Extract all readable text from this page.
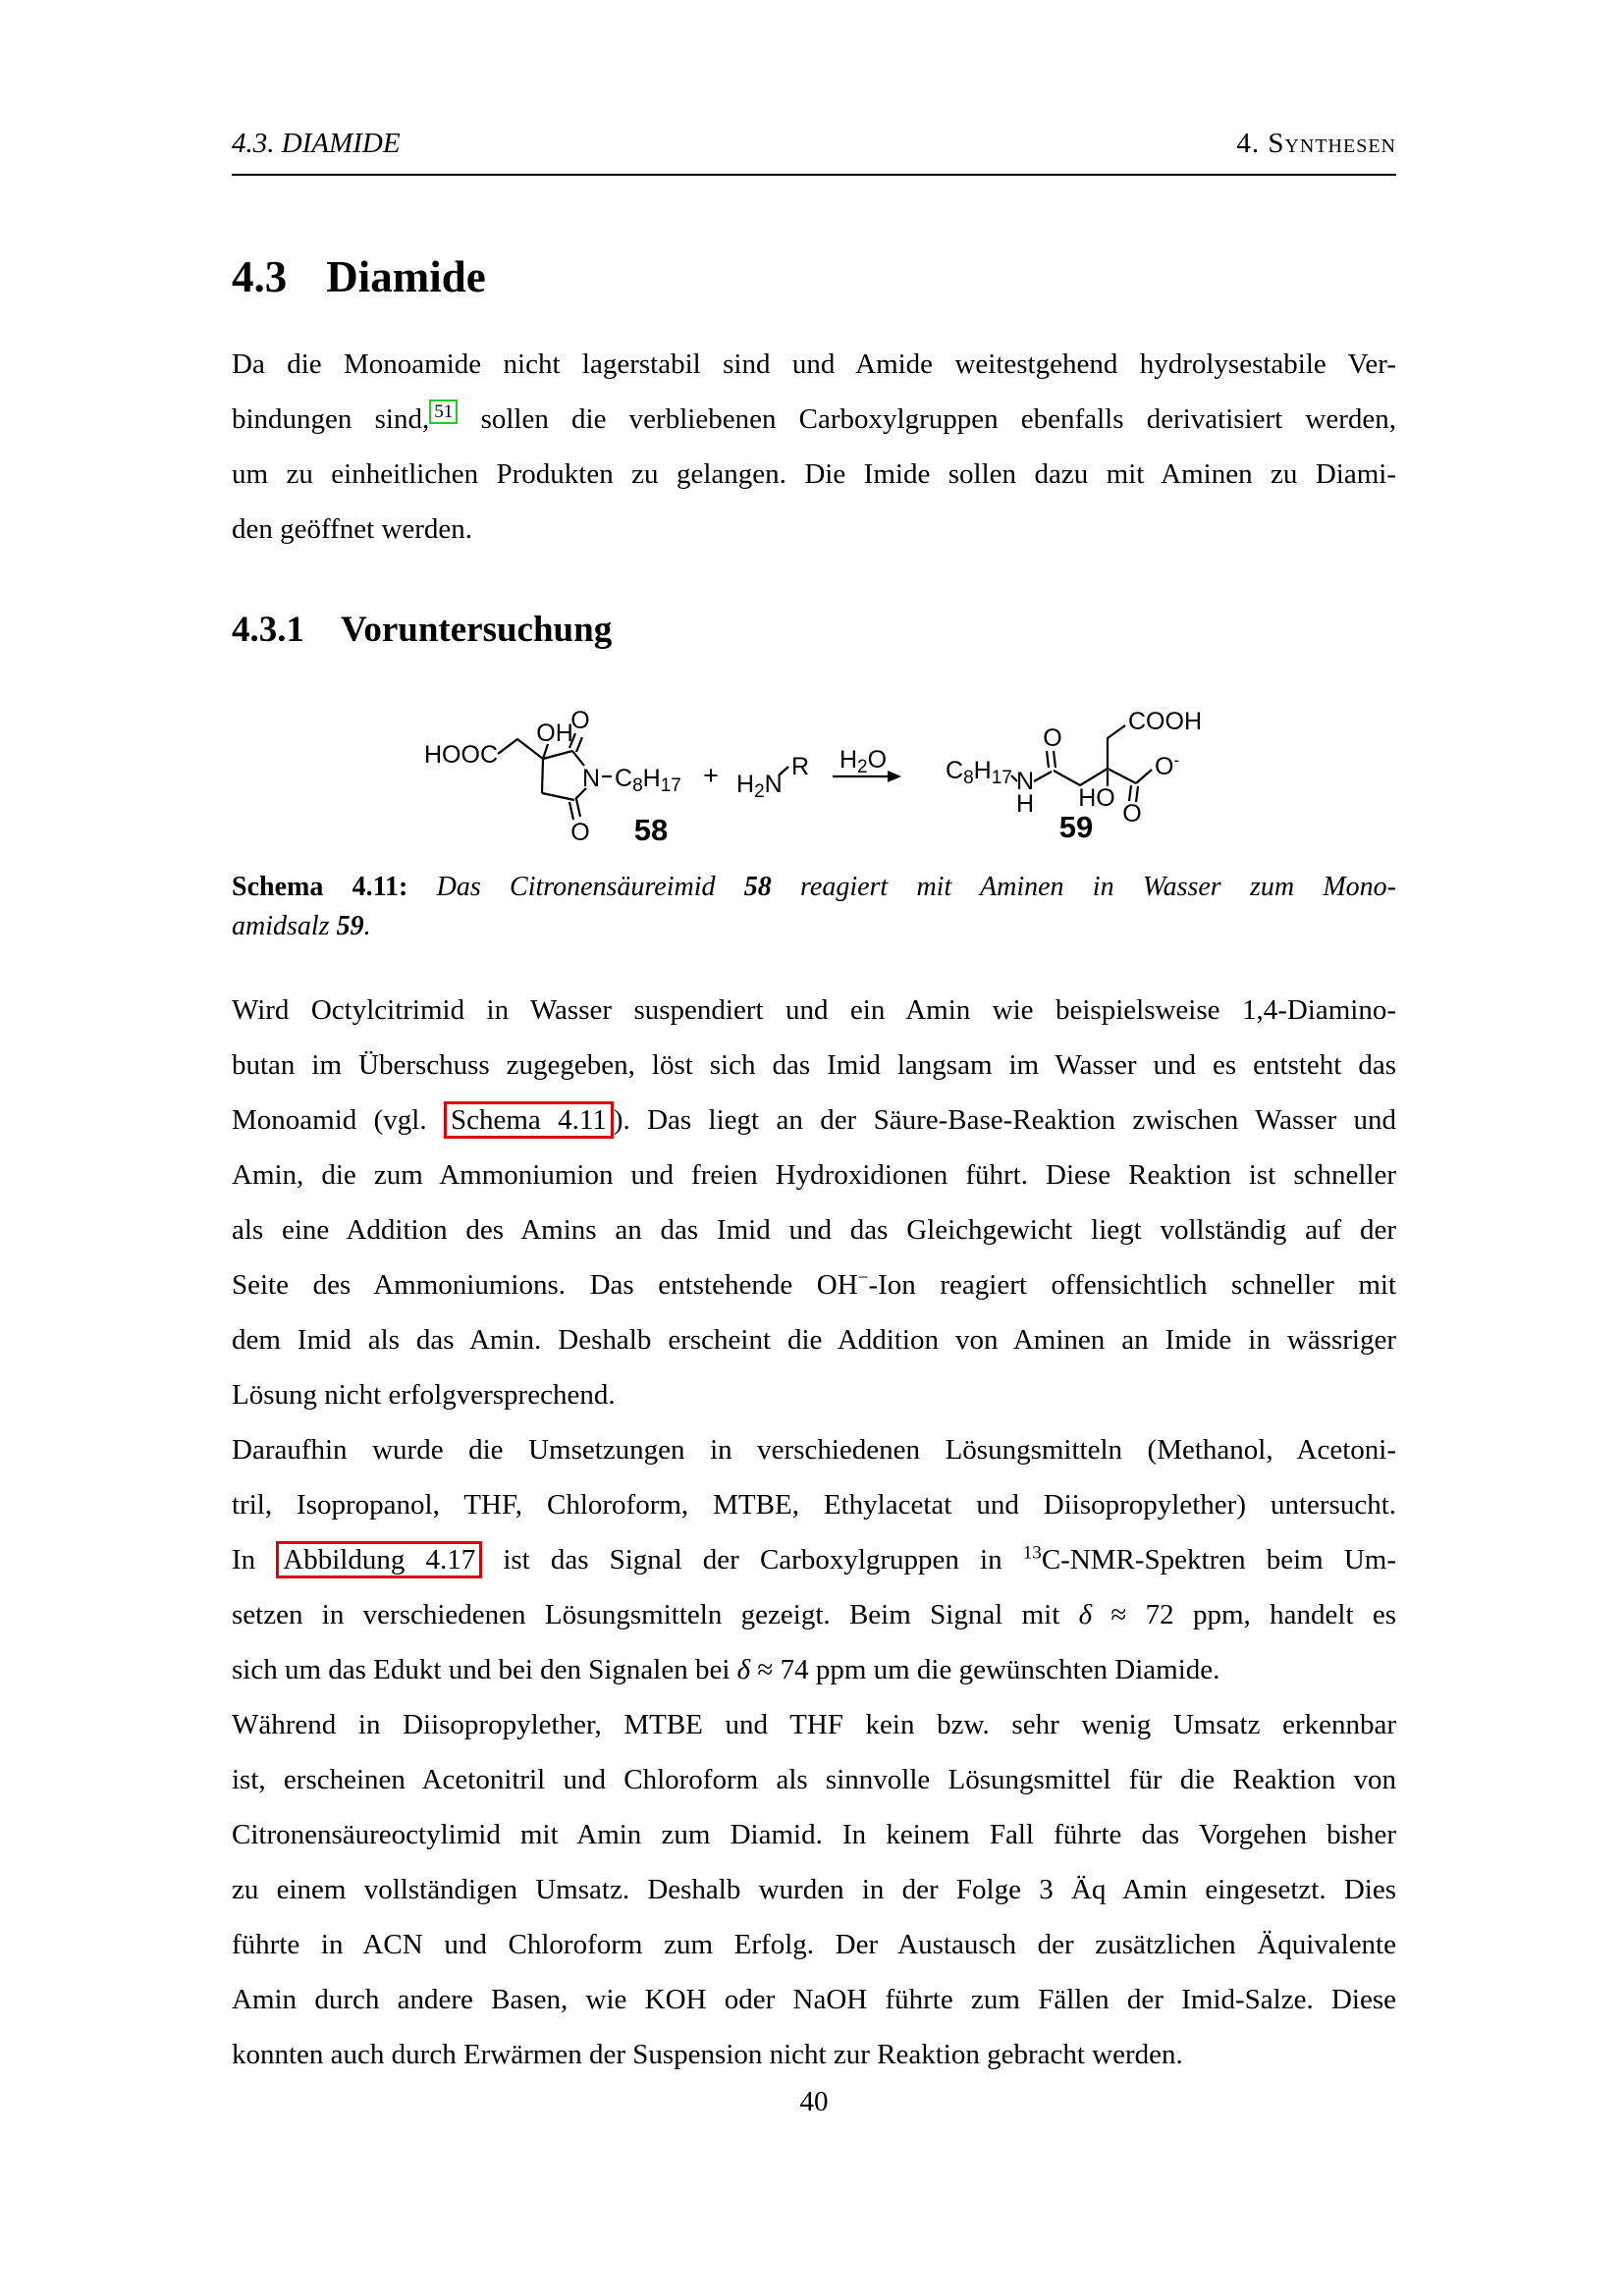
4.3. DIAMIDE	4. Synthesen
4.3 Diamide
Da die Monoamide nicht lagerstabil sind und Amide weitestgehend hydrolysestabile Ver-
bindungen sind, $^{51}$ sollen die verbliebenen Carboxylgruppen ebenfalls derivatisiert werden,
um zu einheitlichen Produkten zu gelangen. Die Imide sollen dazu mit Aminen zu Diami-
den geöffnet werden.
4.3.1 Voruntersuchung
HOOC
OH
O
O
N $C_8H_{17}$
58
+ $H_2N$
R $H_2O$ $C_8H_{17}$ N
H
O
COOH
HO
O-
O
59
Schema 4.11: Das Citronensäureimid 58 reagiert mit Aminen in Wasser zum Mono-
amidsalz 59.
Wird Octylcitrimid in Wasser suspendiert und ein Amin wie beispielsweise 1,4-Diamino-
butan im Überschuss zugegeben, löst sich das Imid langsam im Wasser und es entsteht das
Monoamid (vgl. Schema 4.11 ). Das liegt an der Säure-Base-Reaktion zwischen Wasser und
Amin, die zum Ammoniumion und freien Hydroxidionen führt. Diese Reaktion ist schneller
als eine Addition des Amins an das Imid und das Gleichgewicht liegt vollständig auf der
Seite des Ammoniumions. Das entstehende OH−-Ion reagiert offensichtlich schneller mit
dem Imid als das Amin. Deshalb erscheint die Addition von Aminen an Imide in wässriger
Lösung nicht erfolgversprechend.
Daraufhin wurde die Umsetzungen in verschiedenen Lösungsmitteln (Methanol, Acetoni-
tril, Isopropanol, THF, Chloroform, MTBE, Ethylacetat und Diisopropylether) untersucht.
In Abbildung 4.17 ist das Signal der Carboxylgruppen in $^{13}$C-NMR-Spektren beim Um-
setzen in verschiedenen Lösungsmitteln gezeigt. Beim Signal mit δ ≈ 72 ppm, handelt es
sich um das Edukt und bei den Signalen bei δ ≈ 74 ppm um die gewünschten Diamide.
Während in Diisopropylether, MTBE und THF kein bzw. sehr wenig Umsatz erkennbar
ist, erscheinen Acetonitril und Chloroform als sinnvolle Lösungsmittel für die Reaktion von
Citronensäureoctylimid mit Amin zum Diamid. In keinem Fall führte das Vorgehen bisher
zu einem vollständigen Umsatz. Deshalb wurden in der Folge 3 Äq Amin eingesetzt. Dies
führte in ACN und Chloroform zum Erfolg. Der Austausch der zusätzlichen Äquivalente
Amin durch andere Basen, wie KOH oder NaOH führte zum Fällen der Imid-Salze. Diese
konnten auch durch Erwärmen der Suspension nicht zur Reaktion gebracht werden.
40
